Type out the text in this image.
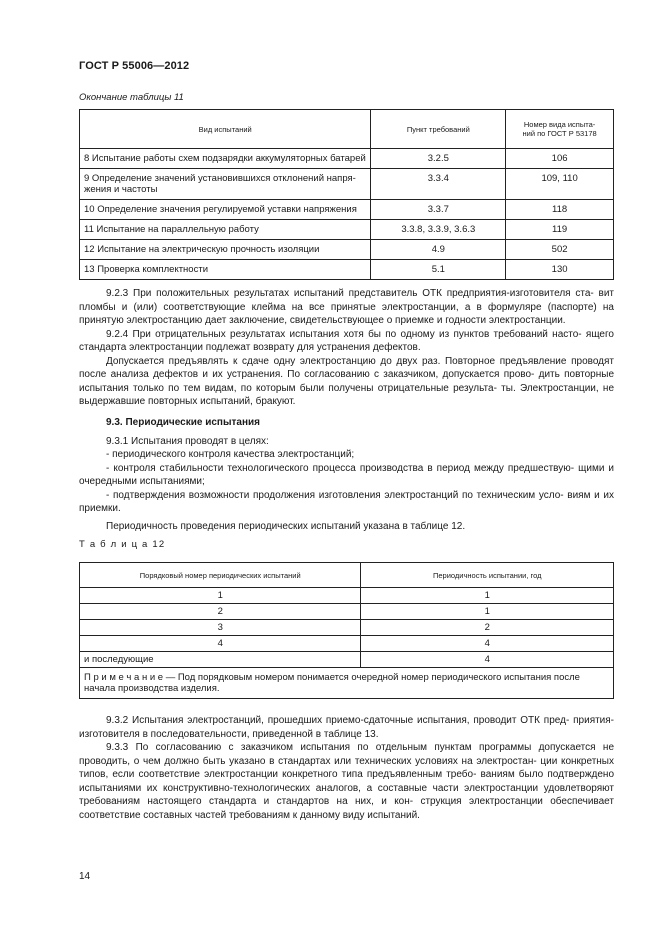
ГОСТ Р 55006—2012
Окончание таблицы 11
Вид испытаний	Пункт требований	Номер вида испыта-
ний по ГОСТ Р 53178
8 Испытание работы схем подзарядки аккумуляторных батарей	3.2.5	106
9 Определение значений установившихся отклонений напря-
жения и частоты	3.3.4	109, 110
10 Определение значения регулируемой уставки напряжения	3.3.7	118
11 Испытание на параллельную работу	3.3.8, 3.3.9, 3.6.3	119
12 Испытание на электрическую прочность изоляции	4.9	502
13 Проверка комплектности	5.1	130

9.2.3 При положительных результатах испытаний представитель ОТК предприятия-изготовителя ста- вит пломбы и (или) соответствующие клейма на все принятые электростанции, а в формуляре (паспорте) на принятую электростанцию дает заключение, свидетельствующее о приемке и годности электростанции.

9.2.4 При отрицательных результатах испытания хотя бы по одному из пунктов требований насто- ящего стандарта электростанции подлежат возврату для устранения дефектов.

Допускается предъявлять к сдаче одну электростанцию до двух раз. Повторное предъявление проводят после анализа дефектов и их устранения. По согласованию с заказчиком, допускается прово- дить повторные испытания только по тем видам, по которым были получены отрицательные результа- ты. Электростанции, не выдержавшие повторных испытаний, бракуют.

9.3. Периодические испытания

9.3.1 Испытания проводят в целях:

- периодического контроля качества электростанций;

- контроля стабильности технологического процесса производства в период между предшествую- щими и очередными испытаниями;

- подтверждения возможности продолжения изготовления электростанций по техническим усло- виям и их приемки.

Периодичность проведения периодических испытаний указана в таблице 12.

Т а б л и ц а 12
Порядковый номер периодических испытаний	Периодичность испытании, год
1	1
2	1
3	2
4	4
и последующие	4
П р и м е ч а н и е — Под порядковым номером понимается очередной номер периодического испытания после начала производства изделия.	

9.3.2 Испытания электростанций, прошедших приемо-сдаточные испытания, проводит ОТК пред- приятия-изготовителя в последовательности, приведенной в таблице 13.

9.3.3 По согласованию с заказчиком испытания по отдельным пунктам программы допускается не проводить, о чем должно быть указано в стандартах или технических условиях на электростан- ции конкретных типов, если соответствие электростанции конкретного типа предъявленным требо- ваниям было подтверждено испытаниями их конструктивно-технологических аналогов, а составные части электростанции удовлетворяют требованиям настоящего стандарта и стандартов на них, и кон- струкция электростанции обеспечивает соответствие составных частей требованиям к данному виду испытаний.

14
